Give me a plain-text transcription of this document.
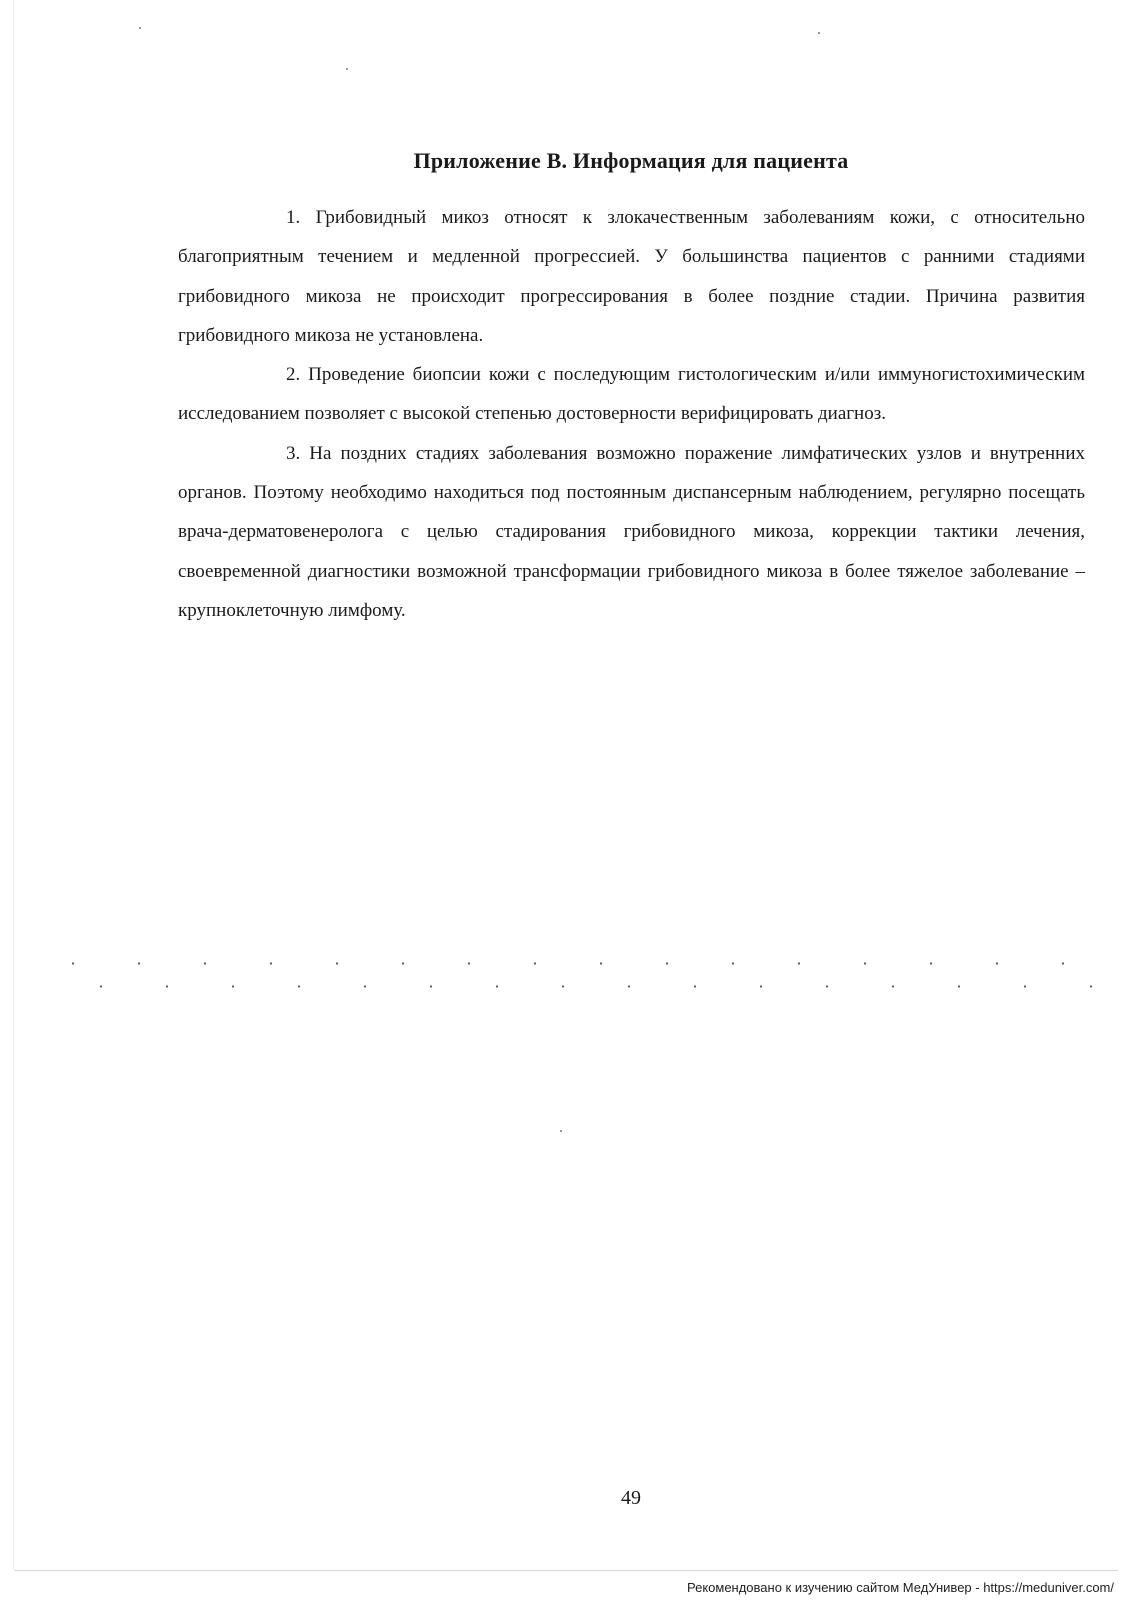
Приложение В. Информация для пациента

1. Грибовидный микоз относят к злокачественным заболеваниям кожи, с относительно благоприятным течением и медленной прогрессией. У большинства пациентов с ранними стадиями грибовидного микоза не происходит прогрессирования в более поздние стадии. Причина развития грибовидного микоза не установлена.

2. Проведение биопсии кожи с последующим гистологическим и/или иммуногистохимическим исследованием позволяет с высокой степенью достоверности верифицировать диагноз.

3. На поздних стадиях заболевания возможно поражение лимфатических узлов и внутренних органов. Поэтому необходимо находиться под постоянным диспансерным наблюдением, регулярно посещать врача-дерматовенеролога с целью стадирования грибовидного микоза, коррекции тактики лечения, своевременной диагностики возможной трансформации грибовидного микоза в более тяжелое заболевание – крупноклеточную лимфому.

49
Рекомендовано к изучению сайтом МедУнивер - https://meduniver.com/
